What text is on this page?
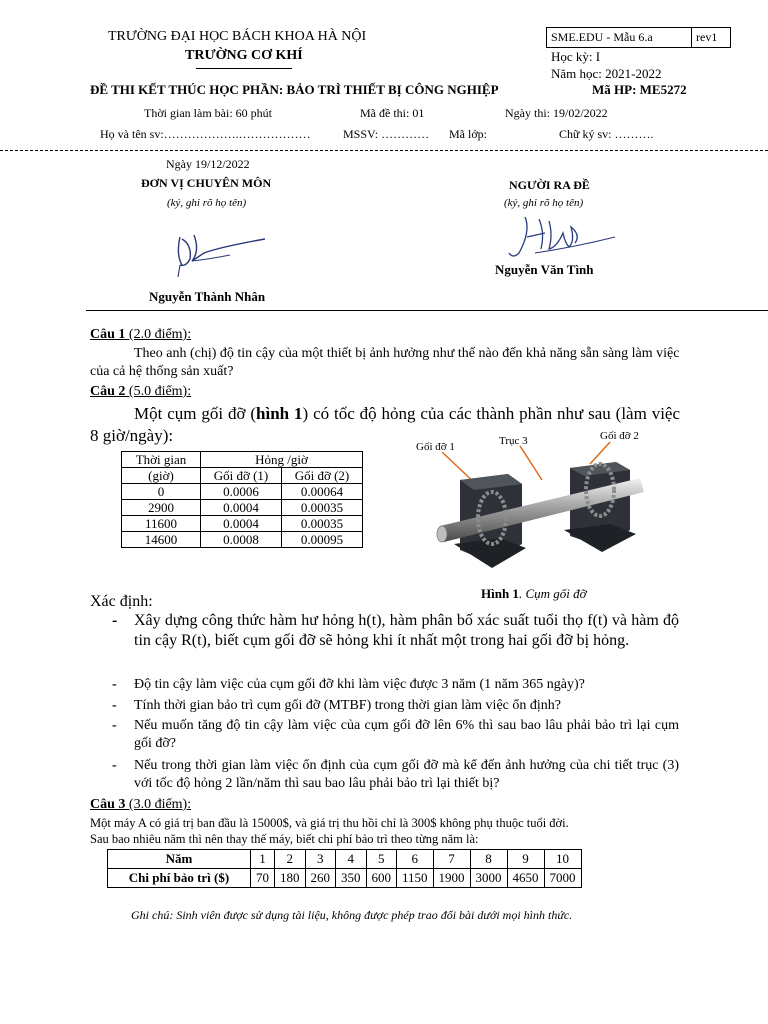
TRƯỜNG ĐẠI HỌC BÁCH KHOA HÀ NỘI
TRƯỜNG CƠ KHÍ
SME.EDU - Mẫu 6.a	rev1
Học kỳ: I
Năm học: 2021-2022
ĐỀ THI KẾT THÚC HỌC PHẦN: BẢO TRÌ THIẾT BỊ CÔNG NGHIỆP	Mã HP: ME5272
Thời gian làm bài: 60 phút	Mã đề thi: 01	Ngày thi: 19/02/2022
Họ và tên sv:……………….………………	MSSV: ………… Mã lớp:	Chữ ký sv: ……….
Ngày 19/12/2022
ĐƠN VỊ CHUYÊN MÔN
(ký, ghi rõ họ tên)
Nguyễn Thành Nhân
NGƯỜI RA ĐỀ
(ký, ghi rõ họ tên)
Nguyễn Văn Tình
Câu 1 (2.0 điểm):
Theo anh (chị) độ tin cậy của một thiết bị ảnh hưởng như thế nào đến khả năng sẵn sàng làm việc của cả hệ thống sản xuất?
Câu 2 (5.0 điểm):
Một cụm gối đỡ (hình 1) có tốc độ hỏng của các thành phần như sau (làm việc 8 giờ/ngày):
Thời gian	Hỏng /giờ	
(giờ)	Gối đỡ (1)	Gối đỡ (2)
0	0.0006	0.00064
2900	0.0004	0.00035
11600	0.0004	0.00035
14600	0.0008	0.00095
Gối đỡ 1	Trục 3	Gối đỡ 2
Hình 1. Cụm gối đỡ
Xác định:
- Xây dựng công thức hàm hư hỏng h(t), hàm phân bố xác suất tuổi thọ f(t) và hàm độ tin cậy R(t), biết cụm gối đỡ sẽ hỏng khi ít nhất một trong hai gối đỡ bị hỏng.
- Độ tin cậy làm việc của cụm gối đỡ khi làm việc được 3 năm (1 năm 365 ngày)?
- Tính thời gian bảo trì cụm gối đỡ (MTBF) trong thời gian làm việc ổn định?
- Nếu muốn tăng độ tin cậy làm việc của cụm gối đỡ lên 6% thì sau bao lâu phải bảo trì lại cụm gối đỡ?
- Nếu trong thời gian làm việc ổn định của cụm gối đỡ mà kể đến ảnh hưởng của chi tiết trục (3) với tốc độ hỏng 2 lần/năm thì sau bao lâu phải bảo trì lại thiết bị?
Câu 3 (3.0 điểm):
Một máy A có giá trị ban đầu là 15000$, và giá trị thu hồi chỉ là 300$ không phụ thuộc tuổi đời.
Sau bao nhiêu năm thì nên thay thế máy, biết chi phí bảo trì theo từng năm là:
Năm	1	2	3	4	5	6	7	8	9	10
Chi phí bảo trì ($)	70	180	260	350	600	1150	1900	3000	4650	7000
Ghi chú: Sinh viên được sử dụng tài liệu, không được phép trao đổi bài dưới mọi hình thức.
